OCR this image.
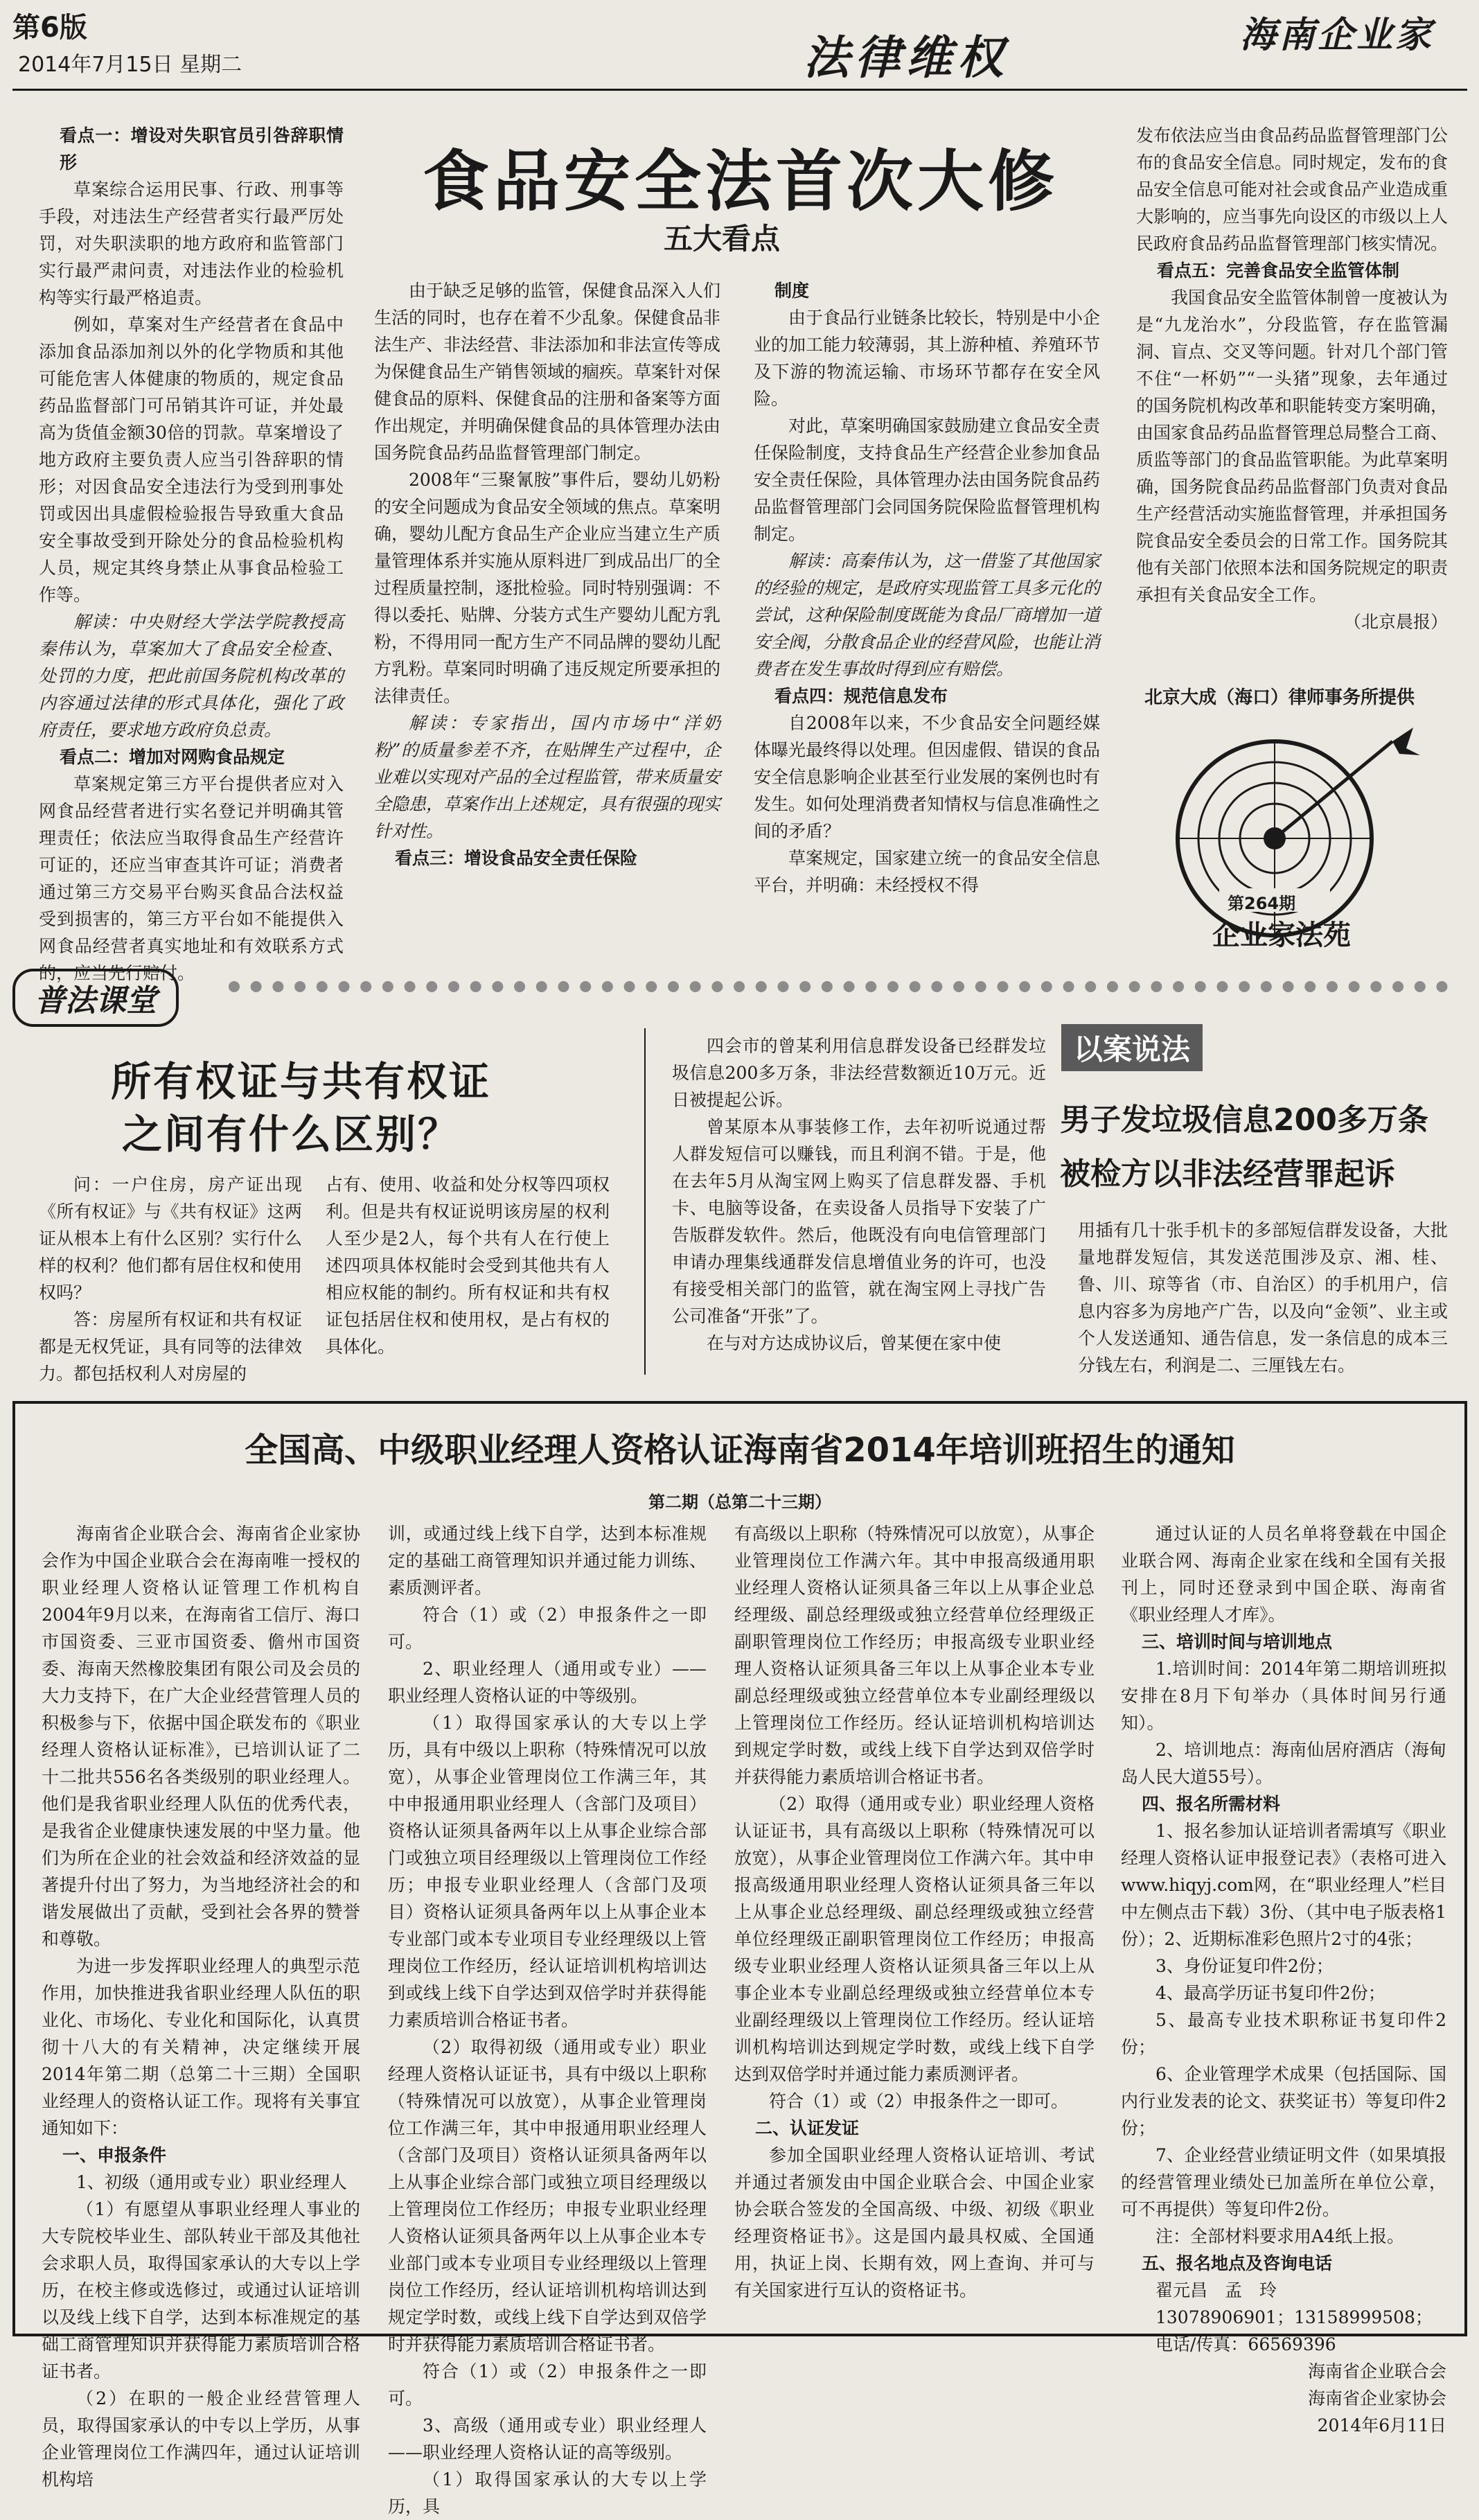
第6版
2014年7月15日 星期二	法律维权	海南企业家
食品安全法首次大修
五大看点

看点一：增设对失职官员引咎辞职情形

草案综合运用民事、行政、刑事等手段，对违法生产经营者实行最严厉处罚，对失职渎职的地方政府和监管部门实行最严肃问责，对违法作业的检验机构等实行最严格追责。

例如，草案对生产经营者在食品中添加食品添加剂以外的化学物质和其他可能危害人体健康的物质的，规定食品药品监督部门可吊销其许可证，并处最高为货值金额30倍的罚款。草案增设了地方政府主要负责人应当引咎辞职的情形；对因食品安全违法行为受到刑事处罚或因出具虚假检验报告导致重大食品安全事故受到开除处分的食品检验机构人员，规定其终身禁止从事食品检验工作等。

解读：中央财经大学法学院教授高秦伟认为，草案加大了食品安全检查、处罚的力度，把此前国务院机构改革的内容通过法律的形式具体化，强化了政府责任，要求地方政府负总责。

看点二：增加对网购食品规定

草案规定第三方平台提供者应对入网食品经营者进行实名登记并明确其管理责任；依法应当取得食品生产经营许可证的，还应当审查其许可证；消费者通过第三方交易平台购买食品合法权益受到损害的，第三方平台如不能提供入网食品经营者真实地址和有效联系方式的，应当先行赔付。

由于缺乏足够的监管，保健食品深入人们生活的同时，也存在着不少乱象。保健食品非法生产、非法经营、非法添加和非法宣传等成为保健食品生产销售领域的痼疾。草案针对保健食品的原料、保健食品的注册和备案等方面作出规定，并明确保健食品的具体管理办法由国务院食品药品监督管理部门制定。

2008年“三聚氰胺”事件后，婴幼儿奶粉的安全问题成为食品安全领域的焦点。草案明确，婴幼儿配方食品生产企业应当建立生产质量管理体系并实施从原料进厂到成品出厂的全过程质量控制，逐批检验。同时特别强调：不得以委托、贴牌、分装方式生产婴幼儿配方乳粉，不得用同一配方生产不同品牌的婴幼儿配方乳粉。草案同时明确了违反规定所要承担的法律责任。

解读：专家指出，国内市场中“洋奶粉”的质量参差不齐，在贴牌生产过程中，企业难以实现对产品的全过程监管，带来质量安全隐患，草案作出上述规定，具有很强的现实针对性。

看点三：增设食品安全责任保险

制度

由于食品行业链条比较长，特别是中小企业的加工能力较薄弱，其上游种植、养殖环节及下游的物流运输、市场环节都存在安全风险。

对此，草案明确国家鼓励建立食品安全责任保险制度，支持食品生产经营企业参加食品安全责任保险，具体管理办法由国务院食品药品监督管理部门会同国务院保险监督管理机构制定。

解读：高秦伟认为，这一借鉴了其他国家的经验的规定，是政府实现监管工具多元化的尝试，这种保险制度既能为食品厂商增加一道安全阀，分散食品企业的经营风险，也能让消费者在发生事故时得到应有赔偿。

看点四：规范信息发布

自2008年以来，不少食品安全问题经媒体曝光最终得以处理。但因虚假、错误的食品安全信息影响企业甚至行业发展的案例也时有发生。如何处理消费者知情权与信息准确性之间的矛盾？

草案规定，国家建立统一的食品安全信息平台，并明确：未经授权不得

发布依法应当由食品药品监督管理部门公布的食品安全信息。同时规定，发布的食品安全信息可能对社会或食品产业造成重大影响的，应当事先向设区的市级以上人民政府食品药品监督管理部门核实情况。

看点五：完善食品安全监管体制

我国食品安全监管体制曾一度被认为是“九龙治水”，分段监管，存在监管漏洞、盲点、交叉等问题。针对几个部门管不住“一杯奶”“一头猪”现象，去年通过的国务院机构改革和职能转变方案明确，由国家食品药品监督管理总局整合工商、质监等部门的食品监管职能。为此草案明确，国务院食品药品监督部门负责对食品生产经营活动实施监督管理，并承担国务院食品安全委员会的日常工作。国务院其他有关部门依照本法和国务院规定的职责承担有关食品安全工作。

（北京晨报）

北京大成（海口）律师事务所提供
第264期
企业家法苑
普法课堂
所有权证与共有权证
之间有什么区别？

问：一户住房，房产证出现《所有权证》与《共有权证》这两证从根本上有什么区别？实行什么样的权利？他们都有居住权和使用权吗？

答：房屋所有权证和共有权证都是无权凭证，具有同等的法律效力。都包括权利人对房屋的

占有、使用、收益和处分权等四项权利。但是共有权证说明该房屋的权利人至少是2人，每个共有人在行使上述四项具体权能时会受到其他共有人相应权能的制约。所有权证和共有权证包括居住权和使用权，是占有权的具体化。

四会市的曾某利用信息群发设备已经群发垃圾信息200多万条，非法经营数额近10万元。近日被提起公诉。

曾某原本从事装修工作，去年初听说通过帮人群发短信可以赚钱，而且利润不错。于是，他在去年5月从淘宝网上购买了信息群发器、手机卡、电脑等设备，在卖设备人员指导下安装了广告版群发软件。然后，他既没有向电信管理部门申请办理集线通群发信息增值业务的许可，也没有接受相关部门的监管，就在淘宝网上寻找广告公司准备“开张”了。

在与对方达成协议后，曾某便在家中使

以案说法
男子发垃圾信息200多万条
被检方以非法经营罪起诉

用插有几十张手机卡的多部短信群发设备，大批量地群发短信，其发送范围涉及京、湘、桂、鲁、川、琼等省（市、自治区）的手机用户，信息内容多为房地产广告，以及向“金领”、业主或个人发送通知、通告信息，发一条信息的成本三分钱左右，利润是二、三厘钱左右。

全国高、中级职业经理人资格认证海南省2014年培训班招生的通知
第二期（总第二十三期）

海南省企业联合会、海南省企业家协会作为中国企业联合会在海南唯一授权的职业经理人资格认证管理工作机构自2004年9月以来，在海南省工信厅、海口市国资委、三亚市国资委、儋州市国资委、海南天然橡胶集团有限公司及会员的大力支持下，在广大企业经营管理人员的积极参与下，依据中国企联发布的《职业经理人资格认证标准》，已培训认证了二十二批共556名各类级别的职业经理人。他们是我省职业经理人队伍的优秀代表，是我省企业健康快速发展的中坚力量。他们为所在企业的社会效益和经济效益的显著提升付出了努力，为当地经济社会的和谐发展做出了贡献，受到社会各界的赞誉和尊敬。

为进一步发挥职业经理人的典型示范作用，加快推进我省职业经理人队伍的职业化、市场化、专业化和国际化，认真贯彻十八大的有关精神，决定继续开展2014年第二期（总第二十三期）全国职业经理人的资格认证工作。现将有关事宜通知如下：

一、申报条件

1、初级（通用或专业）职业经理人

（1）有愿望从事职业经理人事业的大专院校毕业生、部队转业干部及其他社会求职人员，取得国家承认的大专以上学历，在校主修或选修过，或通过认证培训以及线上线下自学，达到本标准规定的基础工商管理知识并获得能力素质培训合格证书者。

（2）在职的一般企业经营管理人员，取得国家承认的中专以上学历，从事企业管理岗位工作满四年，通过认证培训机构培

训，或通过线上线下自学，达到本标准规定的基础工商管理知识并通过能力训练、素质测评者。

符合（1）或（2）申报条件之一即可。

2、职业经理人（通用或专业）——职业经理人资格认证的中等级别。

（1）取得国家承认的大专以上学历，具有中级以上职称（特殊情况可以放宽），从事企业管理岗位工作满三年，其中申报通用职业经理人（含部门及项目）资格认证须具备两年以上从事企业综合部门或独立项目经理级以上管理岗位工作经历；申报专业职业经理人（含部门及项目）资格认证须具备两年以上从事企业本专业部门或本专业项目专业经理级以上管理岗位工作经历，经认证培训机构培训达到或线上线下自学达到双倍学时并获得能力素质培训合格证书者。

（2）取得初级（通用或专业）职业经理人资格认证证书，具有中级以上职称（特殊情况可以放宽），从事企业管理岗位工作满三年，其中申报通用职业经理人（含部门及项目）资格认证须具备两年以上从事企业综合部门或独立项目经理级以上管理岗位工作经历；申报专业职业经理人资格认证须具备两年以上从事企业本专业部门或本专业项目专业经理级以上管理岗位工作经历，经认证培训机构培训达到规定学时数，或线上线下自学达到双倍学时并获得能力素质培训合格证书者。

符合（1）或（2）申报条件之一即可。

3、高级（通用或专业）职业经理人——职业经理人资格认证的高等级别。

（1）取得国家承认的大专以上学历，具

有高级以上职称（特殊情况可以放宽），从事企业管理岗位工作满六年。其中申报高级通用职业经理人资格认证须具备三年以上从事企业总经理级、副总经理级或独立经营单位经理级正副职管理岗位工作经历；申报高级专业职业经理人资格认证须具备三年以上从事企业本专业副总经理级或独立经营单位本专业副经理级以上管理岗位工作经历。经认证培训机构培训达到规定学时数，或线上线下自学达到双倍学时并获得能力素质培训合格证书者。

（2）取得（通用或专业）职业经理人资格认证证书，具有高级以上职称（特殊情况可以放宽），从事企业管理岗位工作满六年。其中申报高级通用职业经理人资格认证须具备三年以上从事企业总经理级、副总经理级或独立经营单位经理级正副职管理岗位工作经历；申报高级专业职业经理人资格认证须具备三年以上从事企业本专业副总经理级或独立经营单位本专业副经理级以上管理岗位工作经历。经认证培训机构培训达到规定学时数，或线上线下自学达到双倍学时并通过能力素质测评者。

符合（1）或（2）申报条件之一即可。

二、认证发证

参加全国职业经理人资格认证培训、考试并通过者颁发由中国企业联合会、中国企业家协会联合签发的全国高级、中级、初级《职业经理资格证书》。这是国内最具权威、全国通用，执证上岗、长期有效，网上查询、并可与有关国家进行互认的资格证书。

通过认证的人员名单将登载在中国企业联合网、海南企业家在线和全国有关报刊上，同时还登录到中国企联、海南省《职业经理人才库》。

三、培训时间与培训地点

1.培训时间：2014年第二期培训班拟安排在8月下旬举办（具体时间另行通知）。

2、培训地点：海南仙居府酒店（海甸岛人民大道55号）。

四、报名所需材料

1、报名参加认证培训者需填写《职业经理人资格认证申报登记表》（表格可进入www.hiqyj.com网，在“职业经理人”栏目中左侧点击下载）3份、（其中电子版表格1份）；2、近期标准彩色照片2寸的4张；

3、身份证复印件2份；

4、最高学历证书复印件2份；

5、最高专业技术职称证书复印件2份；

6、企业管理学术成果（包括国际、国内行业发表的论文、获奖证书）等复印件2份；

7、企业经营业绩证明文件（如果填报的经营管理业绩处已加盖所在单位公章，可不再提供）等复印件2份。

注：全部材料要求用A4纸上报。

五、报名地点及咨询电话

翟元昌　孟　玲

13078906901；13158999508；

电话/传真：66569396

海南省企业联合会

海南省企业家协会

2014年6月11日
